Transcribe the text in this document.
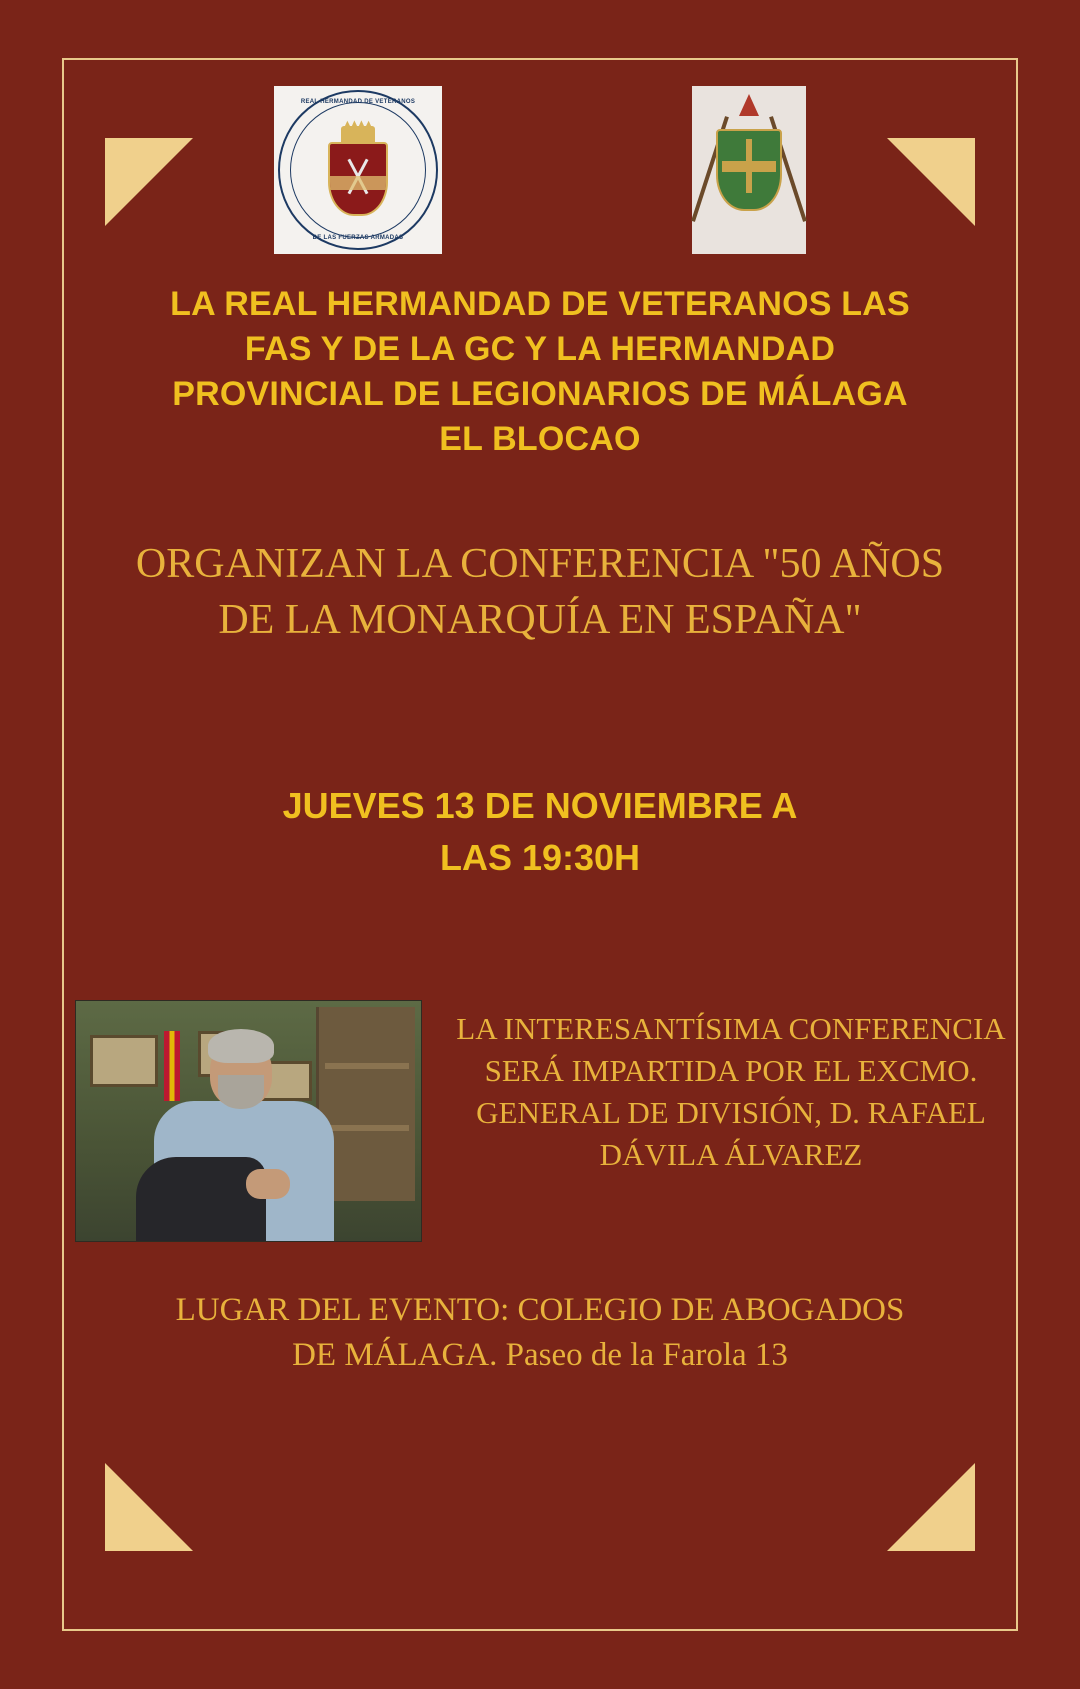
REAL HERMANDAD DE VETERANOS
DE LAS FUERZAS ARMADAS
LA REAL HERMANDAD DE VETERANOS LAS
FAS Y DE LA GC Y LA HERMANDAD
PROVINCIAL DE LEGIONARIOS DE MÁLAGA
EL BLOCAO
ORGANIZAN LA CONFERENCIA "50 AÑOS DE LA MONARQUÍA EN ESPAÑA"
JUEVES 13 DE NOVIEMBRE A
LAS 19:30H
LA INTERESANTÍSIMA CONFERENCIA SERÁ IMPARTIDA POR EL EXCMO. GENERAL DE DIVISIÓN, D. RAFAEL DÁVILA ÁLVAREZ
LUGAR DEL EVENTO: COLEGIO DE ABOGADOS
DE MÁLAGA. Paseo de la Farola 13
